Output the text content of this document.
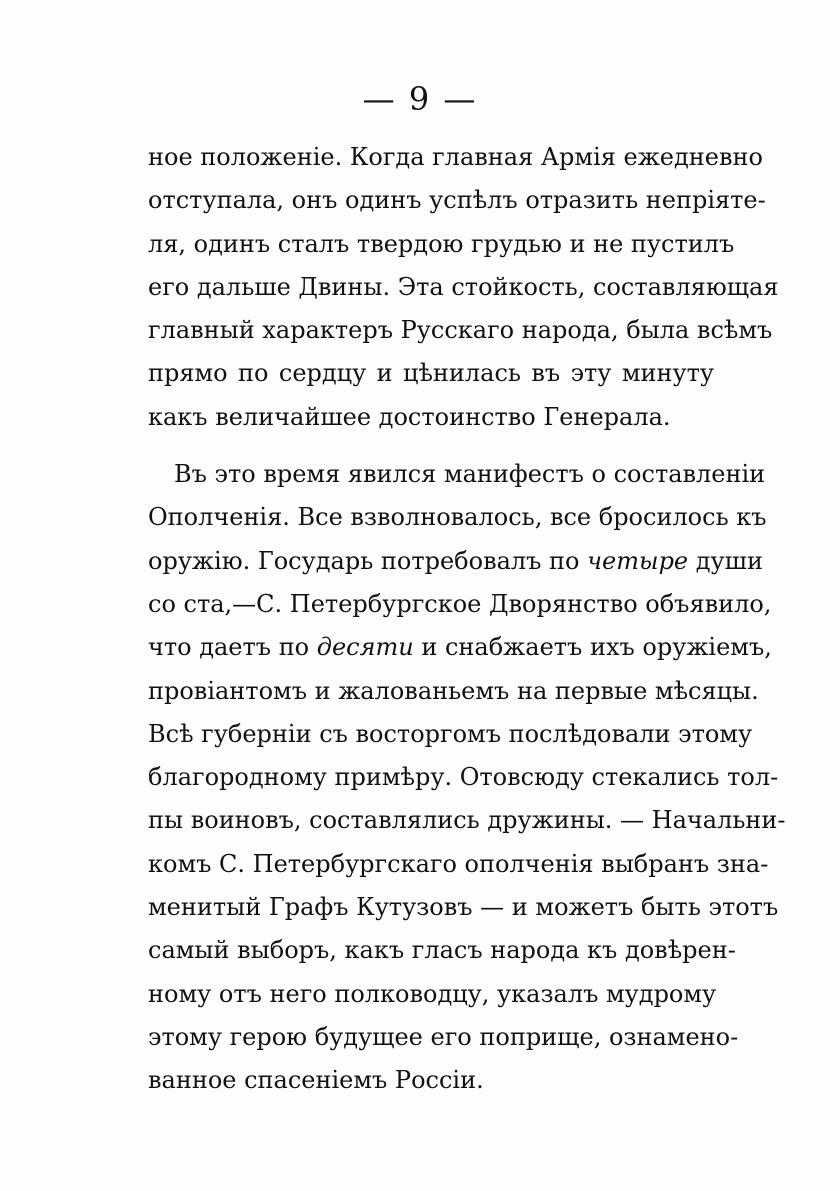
— 9 —
ное положенiе. Когда главная Армiя ежедневно
отступала, онъ одинъ успѣлъ отразить непрiяте-
ля, одинъ сталъ твердою грудью и не пустилъ
его дальше Двины. Эта стойкость, составляющая
главный характеръ Русскаго народа, была всѣмъ
прямо по сердцу и цѣнилась въ эту минуту
какъ величайшее достоинство Генерала.
Въ это время явился манифестъ о составленiи
Ополченiя. Все взволновалось, все бросилось къ
оружiю. Государь потребовалъ по четыре души
со ста,—С. Петербургское Дворянство объявило,
что даетъ по десяти и снабжаетъ ихъ оружiемъ,
провiантомъ и жалованьемъ на первые мѣсяцы.
Всѣ губернiи съ восторгомъ послѣдовали этому
благородному примѣру. Отовсюду стекались тол-
пы воиновъ, составлялись дружины. — Начальни-
комъ С. Петербургскаго ополченiя выбранъ зна-
менитый Графъ Кутузовъ — и можетъ быть этотъ
самый выборъ, какъ гласъ народа къ довѣрен-
ному отъ него полководцу, указалъ мудрому
этому герою будущее его поприще, ознамено-
ванное спасенiемъ Россiи.
